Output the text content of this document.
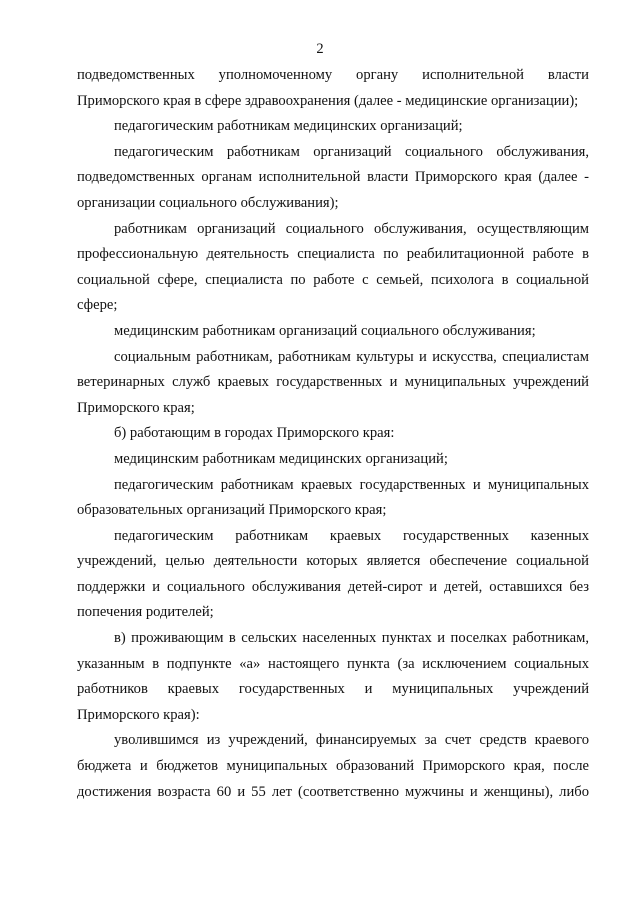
2

подведомственных уполномоченному органу исполнительной власти Приморского края в сфере здравоохранения (далее - медицинские организации);

педагогическим работникам медицинских организаций;

педагогическим работникам организаций социального обслуживания, подведомственных органам исполнительной власти Приморского края (далее - организации социального обслуживания);

работникам организаций социального обслуживания, осуществляющим профессиональную деятельность специалиста по реабилитационной работе в социальной сфере, специалиста по работе с семьей, психолога в социальной сфере;

медицинским работникам организаций социального обслуживания;

социальным работникам, работникам культуры и искусства, специалистам ветеринарных служб краевых государственных и муниципальных учреждений Приморского края;

б) работающим в городах Приморского края:

медицинским работникам медицинских организаций;

педагогическим работникам краевых государственных и муниципальных образовательных организаций Приморского края;

педагогическим работникам краевых государственных казенных учреждений, целью деятельности которых является обеспечение социальной поддержки и социального обслуживания детей-сирот и детей, оставшихся без попечения родителей;

в) проживающим в сельских населенных пунктах и поселках работникам, указанным в подпункте «а» настоящего пункта (за исключением социальных работников краевых государственных и муниципальных учреждений Приморского края):

уволившимся из учреждений, финансируемых за счет средств краевого бюджета и бюджетов муниципальных образований Приморского края, после достижения возраста 60 и 55 лет (соответственно мужчины и женщины), либо
